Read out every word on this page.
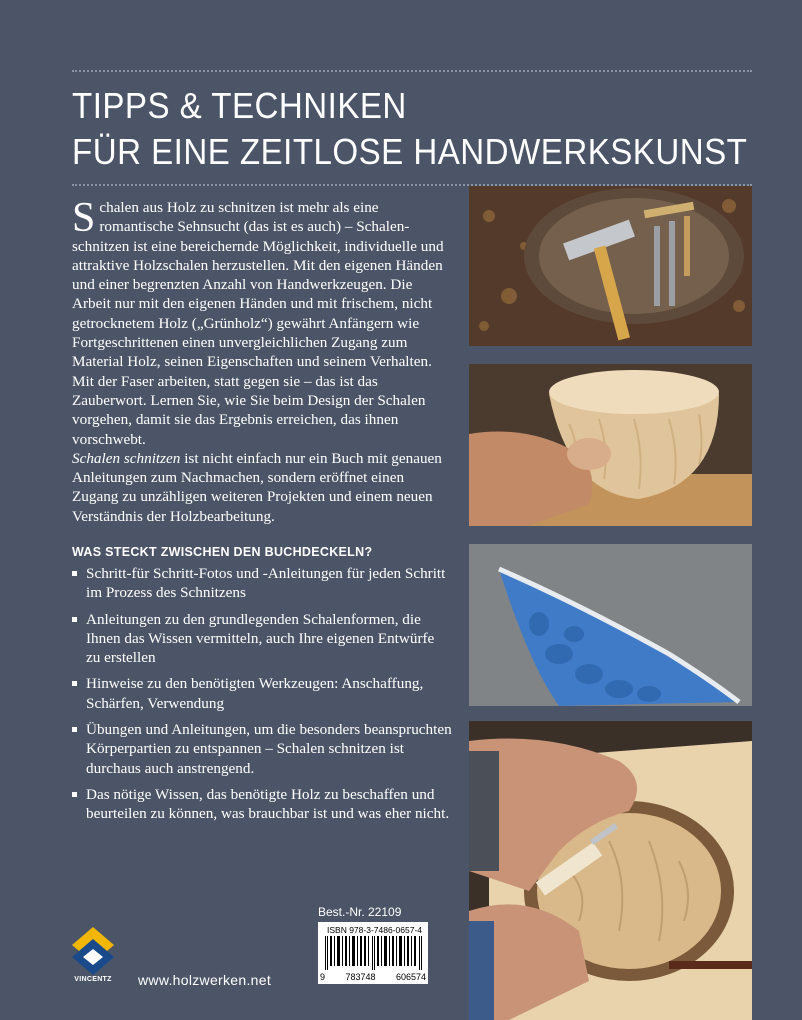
TIPPS & TECHNIKEN
FÜR EINE ZEITLOSE HANDWERKSKUNST
S chalen aus Holz zu schnitzen ist mehr als eine romantische Sehnsucht (das ist es auch) – Schalenschnitzen ist eine bereichernde Möglichkeit, individuelle und attraktive Holzschalen herzustellen. Mit den eigenen Händen und einer begrenzten Anzahl von Handwerkzeugen. Die Arbeit nur mit den eigenen Händen und mit frischem, nicht getrocknetem Holz („Grünholz“) gewährt Anfängern wie Fortgeschrittenen einen unvergleichlichen Zugang zum Material Holz, seinen Eigenschaften und seinem Verhalten. Mit der Faser arbeiten, statt gegen sie – das ist das Zauberwort. Lernen Sie, wie Sie beim Design der Schalen vorgehen, damit sie das Ergebnis erreichen, das ihnen vorschwebt.
Schalen schnitzen ist nicht einfach nur ein Buch mit genauen Anleitungen zum Nachmachen, sondern eröffnet einen Zugang zu unzähligen weiteren Projekten und einem neuen Verständnis der Holzbearbeitung.

WAS STECKT ZWISCHEN DEN BUCHDECKELN?
Schritt-für Schritt-Fotos und -Anleitungen für jeden Schritt im Prozess des Schnitzens
Anleitungen zu den grundlegenden Schalenformen, die Ihnen das Wissen vermitteln, auch Ihre eigenen Entwürfe zu erstellen
Hinweise zu den benötigten Werkzeugen: Anschaffung, Schärfen, Verwendung
Übungen und Anleitungen, um die besonders beanspruchten Körperpartien zu entspannen – Schalen schnitzen ist durchaus auch anstrengend.
Das nötige Wissen, das benötigte Holz zu beschaffen und beurteilen zu können, was brauchbar ist und was eher nicht.
Best.-Nr. 22109
ISBN 978-3-7486-0657-4
9 783748 606574
VINCENTZ	www.holzwerken.net
